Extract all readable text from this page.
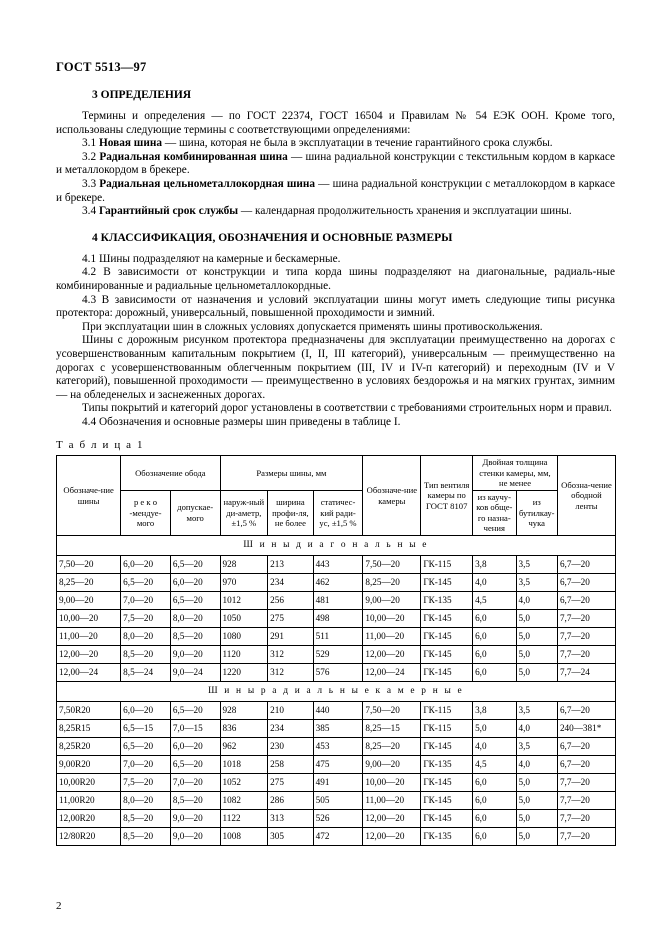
ГОСТ 5513—97
3 ОПРЕДЕЛЕНИЯ

Термины и определения — по ГОСТ 22374, ГОСТ 16504 и Правилам № 54 ЕЭК ООН. Кроме того, использованы следующие термины с соответствующими определениями:

3.1 Новая шина — шина, которая не была в эксплуатации в течение гарантийного срока службы.

3.2 Радиальная комбинированная шина — шина радиальной конструкции с текстильным кордом в каркасе и металлокордом в брекере.

3.3 Радиальная цельнометаллокордная шина — шина радиальной конструкции с металлокордом в каркасе и брекере.

3.4 Гарантийный срок службы — календарная продолжительность хранения и эксплуатации шины.

4 КЛАССИФИКАЦИЯ, ОБОЗНАЧЕНИЯ И ОСНОВНЫЕ РАЗМЕРЫ

4.1 Шины подразделяют на камерные и бескамерные.

4.2 В зависимости от конструкции и типа корда шины подразделяют на диагональные, радиаль-ные комбинированные и радиальные цельнометаллокордные.

4.3 В зависимости от назначения и условий эксплуатации шины могут иметь следующие типы рисунка протектора: дорожный, универсальный, повышенной проходимости и зимний.

При эксплуатации шин в сложных условиях допускается применять шины противоскольжения.

Шины с дорожным рисунком протектора предназначены для эксплуатации преимущественно на дорогах с усовершенствованным капитальным покрытием (I, II, III категорий), универсальным — преимущественно на дорогах с усовершенствованным облегченным покрытием (III, IV и IV-п категорий) и переходным (IV и V категорий), повышенной проходимости — преимущественно в условиях бездорожья и на мягких грунтах, зимним — на обледенелых и заснеженных дорогах.

Типы покрытий и категорий дорог установлены в соответствии с требованиями строительных норм и правил.

4.4 Обозначения и основные размеры шин приведены в таблице I.

Т а б л и ц а 1
Обозначе-ние шины	Обозначение обода		Размеры шины, мм			Обозначе-ние камеры	Тип вентиля камеры по ГОСТ 8107	Двойная толщина стенки камеры, мм, не менее		Обозна-чение ободной ленты
	р е к о -мендуе-мого	допускае-мого	наруж-ный ди-аметр, ±1,5 %	ширина профи-ля, не более	статичес-кий ради-ус, ±1,5 %			из каучу-ков обще-го назна-чения	из бутилкау-чука	

Ш и н ы д и а г о н а л ь н ы е										
7,50—20	6,0—20	6,5—20	928	213	443	7,50—20	ГК-115	3,8	3,5	6,7—20
8,25—20	6,5—20	6,0—20	970	234	462	8,25—20	ГК-145	4,0	3,5	6,7—20
9,00—20	7,0—20	6,5—20	1012	256	481	9,00—20	ГК-135	4,5	4,0	6,7—20
10,00—20	7,5—20	8,0—20	1050	275	498	10,00—20	ГК-145	6,0	5,0	7,7—20
11,00—20	8,0—20	8,5—20	1080	291	511	11,00—20	ГК-145	6,0	5,0	7,7—20
12,00—20	8,5—20	9,0—20	1120	312	529	12,00—20	ГК-145	6,0	5,0	7,7—20
12,00—24	8,5—24	9,0—24	1220	312	576	12,00—24	ГК-145	6,0	5,0	7,7—24
Ш и н ы р а д и а л ь н ы е к а м е р н ы е										
7,50R20	6,0—20	6,5—20	928	210	440	7,50—20	ГК-115	3,8	3,5	6,7—20
8,25R15	6,5—15	7,0—15	836	234	385	8,25—15	ГК-115	5,0	4,0	240—381*
8,25R20	6,5—20	6,0—20	962	230	453	8,25—20	ГК-145	4,0	3,5	6,7—20
9,00R20	7,0—20	6,5—20	1018	258	475	9,00—20	ГК-135	4,5	4,0	6,7—20
10,00R20	7,5—20	7,0—20	1052	275	491	10,00—20	ГК-145	6,0	5,0	7,7—20
11,00R20	8,0—20	8,5—20	1082	286	505	11,00—20	ГК-145	6,0	5,0	7,7—20
12,00R20	8,5—20	9,0—20	1122	313	526	12,00—20	ГК-145	6,0	5,0	7,7—20
12/80R20	8,5—20	9,0—20	1008	305	472	12,00—20	ГК-135	6,0	5,0	7,7—20
2
